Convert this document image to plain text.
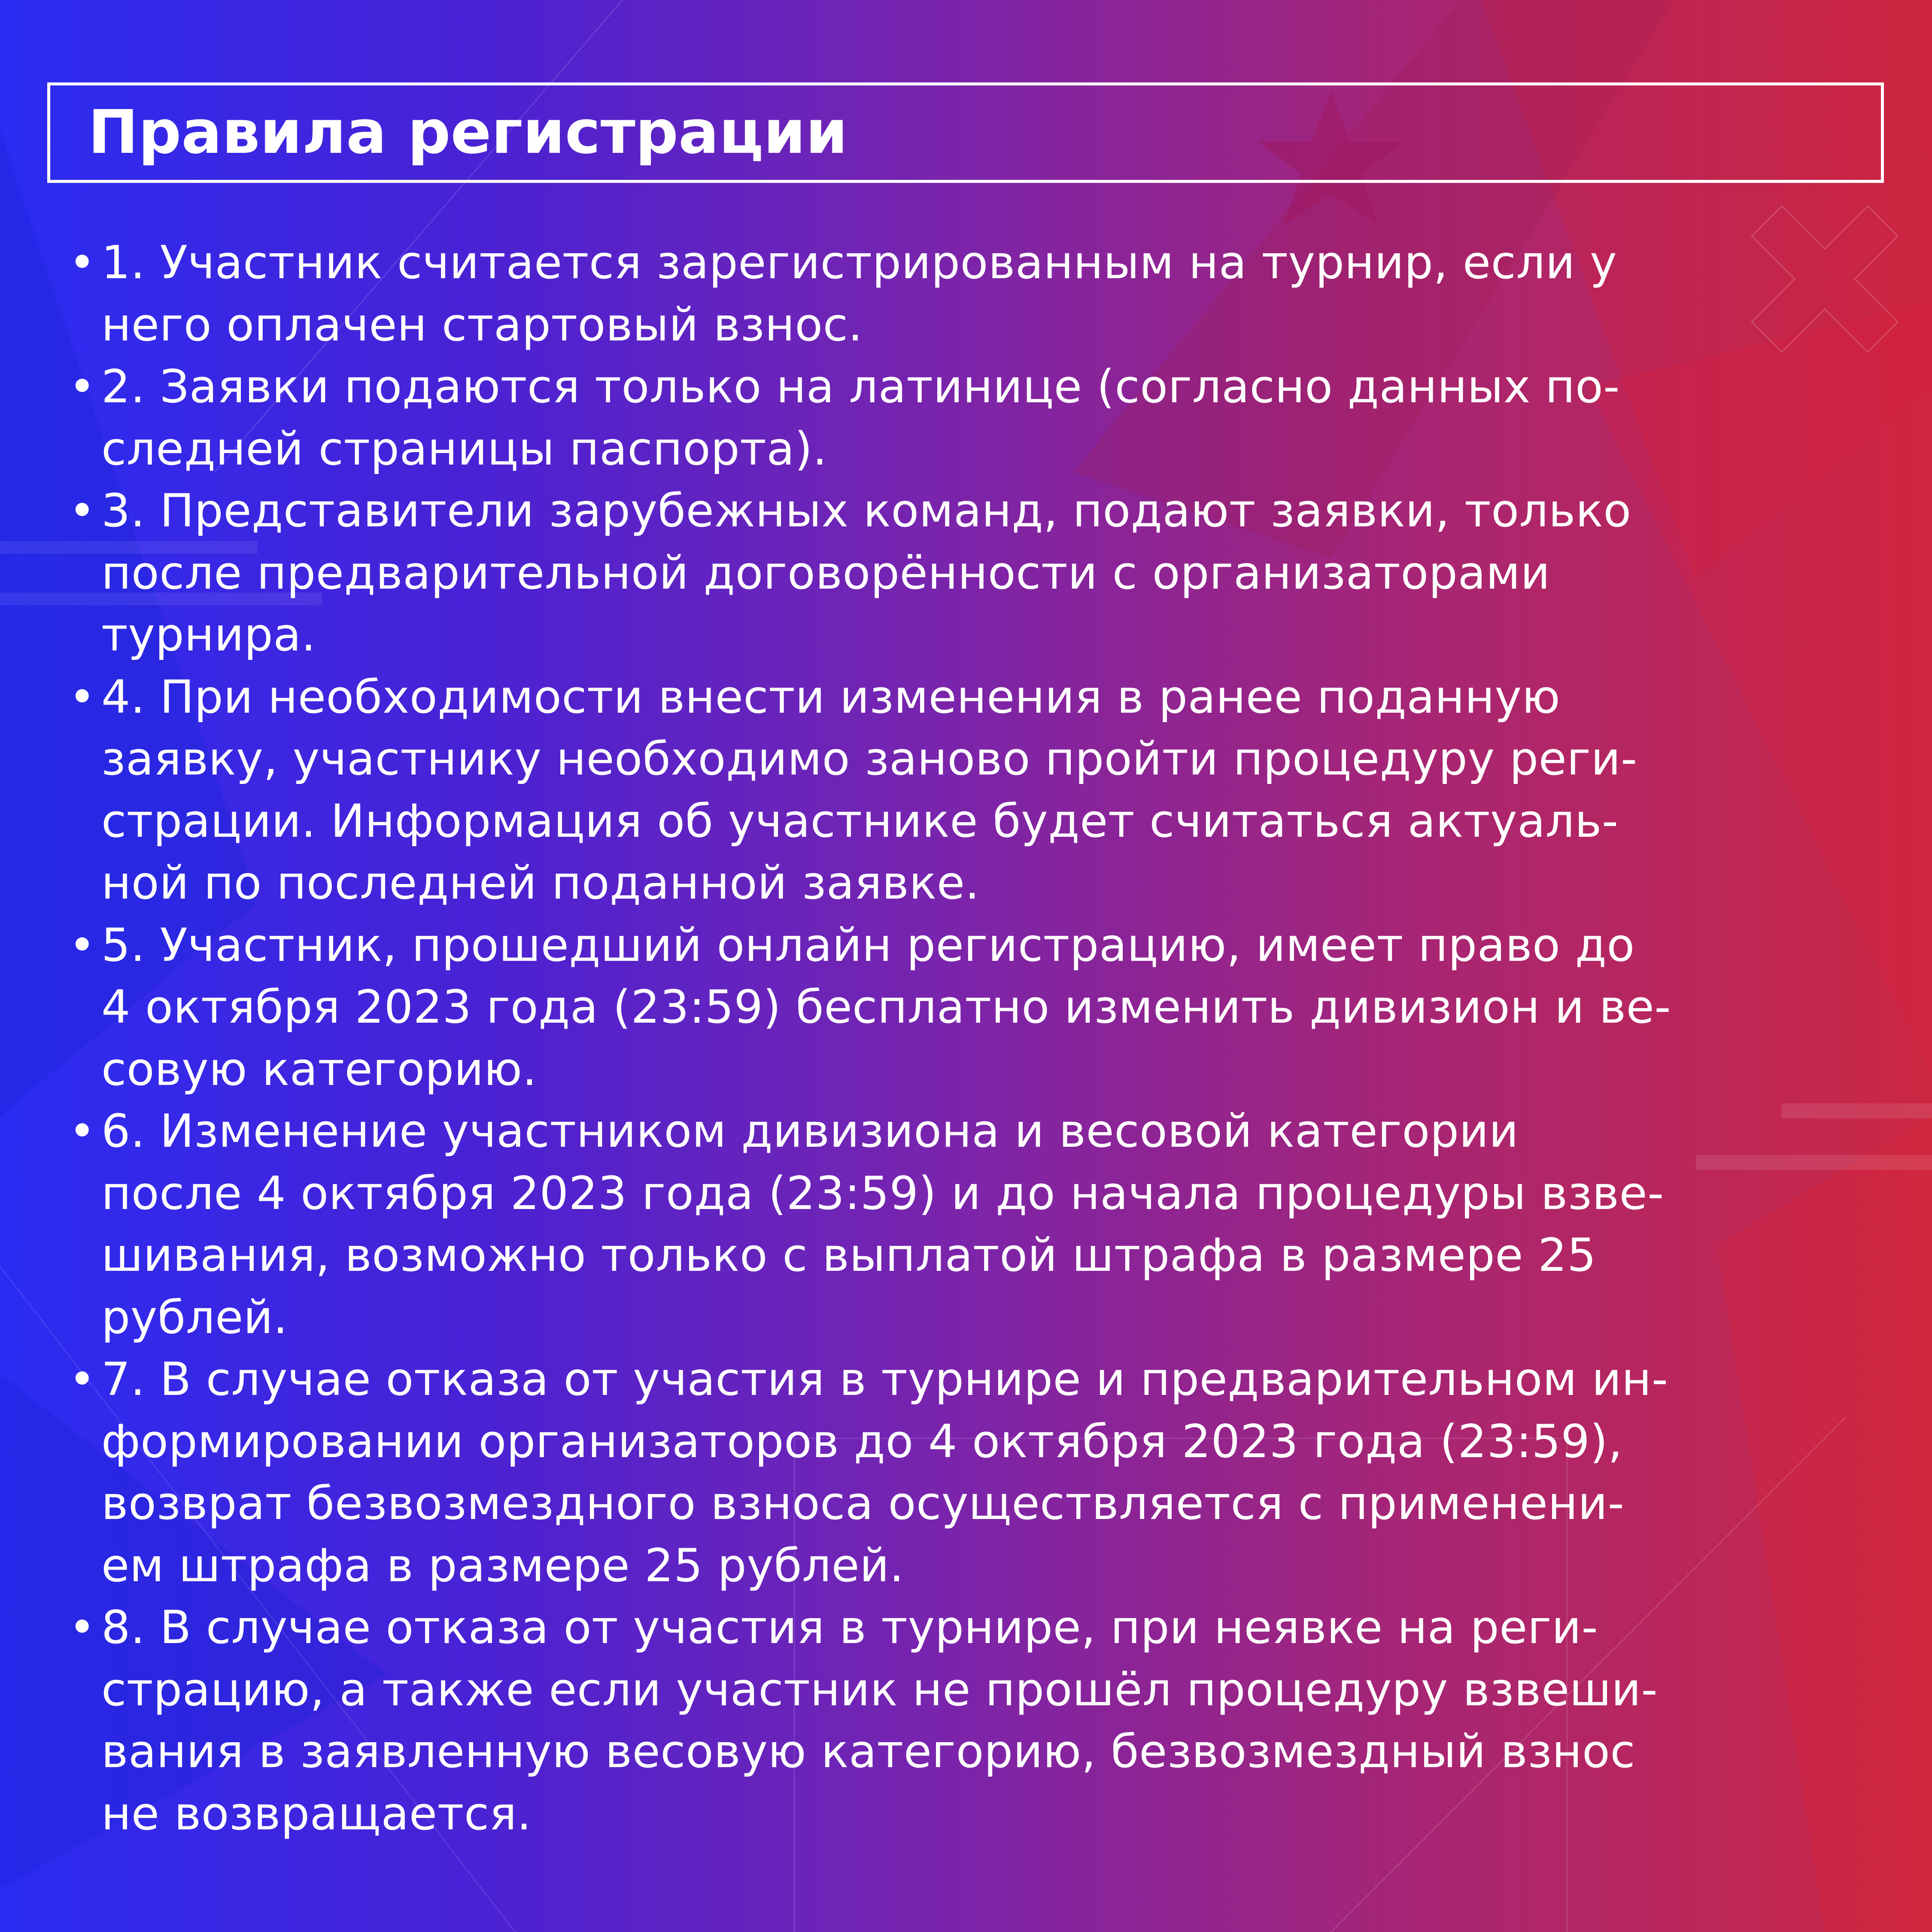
Правила регистрации
• 1. Участник считается зарегистрированным на турнир, если у
него оплачен стартовый взнос.
• 2. Заявки подаются только на латинице (согласно данных по-
следней страницы паспорта).
• 3. Представители зарубежных команд, подают заявки, только
после предварительной договорённости с организаторами
турнира.
• 4. При необходимости внести изменения в ранее поданную
заявку, участнику необходимо заново пройти процедуру реги-
страции. Информация об участнике будет считаться актуаль-
ной по последней поданной заявке.
• 5. Участник, прошедший онлайн регистрацию, имеет право до
4 октября 2023 года (23:59) бесплатно изменить дивизион и ве-
совую категорию.
• 6. Изменение участником дивизиона и весовой категории
после 4 октября 2023 года (23:59) и до начала процедуры взве-
шивания, возможно только с выплатой штрафа в размере 25
рублей.
• 7. В случае отказа от участия в турнире и предварительном ин-
формировании организаторов до 4 октября 2023 года (23:59),
возврат безвозмездного взноса осуществляется с применени-
ем штрафа в размере 25 рублей.
• 8. В случае отказа от участия в турнире, при неявке на реги-
страцию, а также если участник не прошёл процедуру взвеши-
вания в заявленную весовую категорию, безвозмездный взнос
не возвращается.
